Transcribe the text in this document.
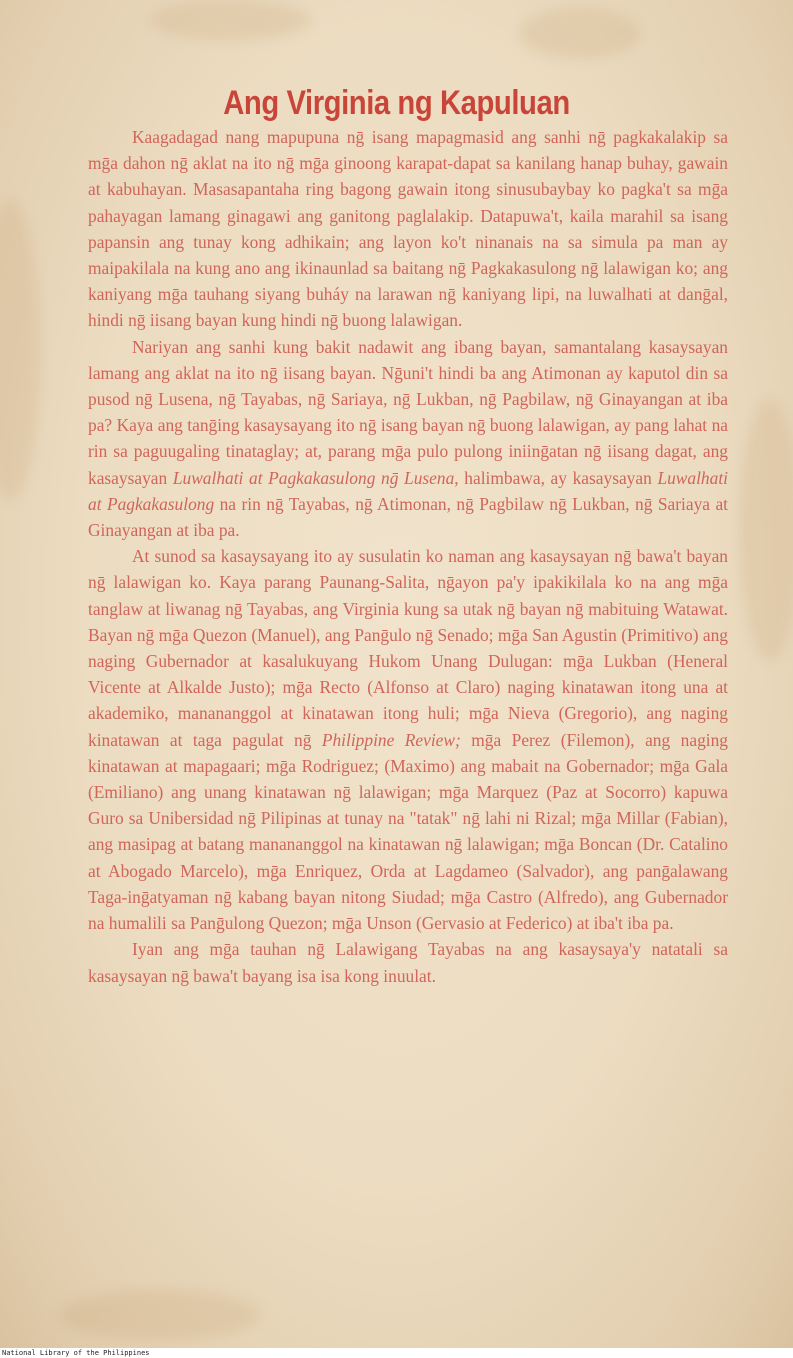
Ang Virginia ng Kapuluan

Kaagadagad nang mapupuna nḡ isang mapagmasid ang sanhi nḡ pagkakalakip sa mḡa dahon nḡ aklat na ito nḡ mḡa ginoong karapat-dapat sa kanilang hanap buhay, gawain at kabuhayan. Masasapantaha ring bagong gawain itong sinusubaybay ko pagka't sa mḡa pahayagan lamang ginagawi ang ganitong paglalakip. Datapuwa't, kaila marahil sa isang papansin ang tunay kong adhikain; ang layon ko't ninanais na sa simula pa man ay maipakilala na kung ano ang ikinaunlad sa baitang nḡ Pagkakasulong nḡ lalawigan ko; ang kaniyang mḡa tauhang siyang buháy na larawan nḡ kaniyang lipi, na luwalhati at danḡal, hindi nḡ iisang bayan kung hindi nḡ buong lalawigan.

Nariyan ang sanhi kung bakit nadawit ang ibang bayan, samantalang kasaysayan lamang ang aklat na ito nḡ iisang bayan. Nḡuni't hindi ba ang Atimonan ay kaputol din sa pusod nḡ Lusena, nḡ Tayabas, nḡ Sariaya, nḡ Lukban, nḡ Pagbilaw, nḡ Ginayangan at iba pa? Kaya ang tanḡing kasaysayang ito nḡ isang bayan nḡ buong lalawigan, ay pang lahat na rin sa paguugaling tinataglay; at, parang mḡa pulo pulong iniinḡatan nḡ iisang dagat, ang kasaysayan Luwalhati at Pagkakasulong nḡ Lusena, halimbawa, ay kasaysayan Luwalhati at Pagkakasulong na rin nḡ Tayabas, nḡ Atimonan, nḡ Pagbilaw nḡ Lukban, nḡ Sariaya at Ginayangan at iba pa.

At sunod sa kasaysayang ito ay susulatin ko naman ang kasaysayan nḡ bawa't bayan nḡ lalawigan ko. Kaya parang Paunang-Salita, nḡayon pa'y ipakikilala ko na ang mḡa tanglaw at liwanag nḡ Tayabas, ang Virginia kung sa utak nḡ bayan nḡ mabituing Watawat. Bayan nḡ mḡa Quezon (Manuel), ang Panḡulo nḡ Senado; mḡa San Agustin (Primitivo) ang naging Gubernador at kasalukuyang Hukom Unang Dulugan: mḡa Lukban (Heneral Vicente at Alkalde Justo); mḡa Recto (Alfonso at Claro) naging kinatawan itong una at akademiko, manananggol at kinatawan itong huli; mḡa Nieva (Gregorio), ang naging kinatawan at taga pagulat nḡ Philippine Review; mḡa Perez (Filemon), ang naging kinatawan at mapagaari; mḡa Rodriguez; (Maximo) ang mabait na Gobernador; mḡa Gala (Emiliano) ang unang kinatawan nḡ lalawigan; mḡa Marquez (Paz at Socorro) kapuwa Guro sa Unibersidad nḡ Pilipinas at tunay na "tatak" nḡ lahi ni Rizal; mḡa Millar (Fabian), ang masipag at batang manananggol na kinatawan nḡ lalawigan; mḡa Boncan (Dr. Catalino at Abogado Marcelo), mḡa Enriquez, Orda at Lagdameo (Salvador), ang panḡalawang Taga-inḡatyaman nḡ kabang bayan nitong Siudad; mḡa Castro (Alfredo), ang Gubernador na humalili sa Panḡulong Quezon; mḡa Unson (Gervasio at Federico) at iba't iba pa.

Iyan ang mḡa tauhan nḡ Lalawigang Tayabas na ang kasaysaya'y natatali sa kasaysayan nḡ bawa't bayang isa isa kong inuulat.

National Library of the Philippines
